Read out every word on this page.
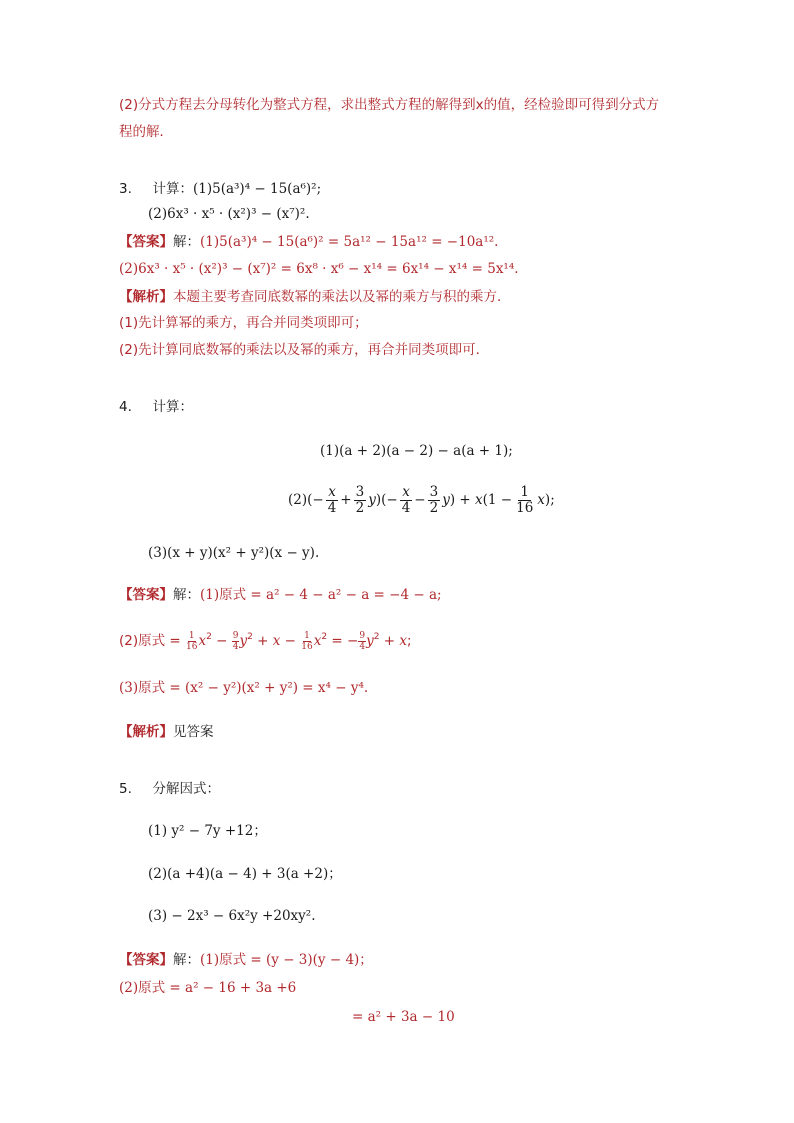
(2)分式方程去分母转化为整式方程，求出整式方程的解得到x的值，经检验即可得到分式方
程的解．
3. 计算：(1)5(a³)⁴ − 15(a⁶)²;
(2)6x³ · x⁵ · (x²)³ − (x⁷)².
【答案】解：(1)5(a³)⁴ − 15(a⁶)² = 5a¹² − 15a¹² = −10a¹².
(2)6x³ · x⁵ · (x²)³ − (x⁷)² = 6x⁸ · x⁶ − x¹⁴ = 6x¹⁴ − x¹⁴ = 5x¹⁴.
【解析】本题主要考查同底数幂的乘法以及幂的乘方与积的乘方．
(1)先计算幂的乘方，再合并同类项即可；
(2)先计算同底数幂的乘法以及幂的乘方，再合并同类项即可．
4. 计算：
(1)(a + 2)(a − 2) − a(a + 1);
$(2)(- \frac{x}{4} + \frac{3}{2} y)(- \frac{x}{4} - \frac{3}{2} y) + x(1 - \frac{1}{16} x)$;
(3)(x + y)(x² + y²)(x − y).
【答案】解：(1)原式 = a² − 4 − a² − a = −4 − a;
(2)原式 = $\frac{1}{16} x^2 - \frac{9}{4} y^2 + x - \frac{1}{16} x^2$ = − $\frac{9}{4} y^2 + x$;
(3)原式 = (x² − y²)(x² + y²) = x⁴ − y⁴.
【解析】见答案
5. 分解因式：
(1) y² − 7y +12；
(2)(a +4)(a − 4) + 3(a +2)；
(3) − 2x³ − 6x²y +20xy².
【答案】解：(1)原式 = (y − 3)(y − 4)；
(2)原式 = a² − 16 + 3a +6
= a² + 3a − 10
